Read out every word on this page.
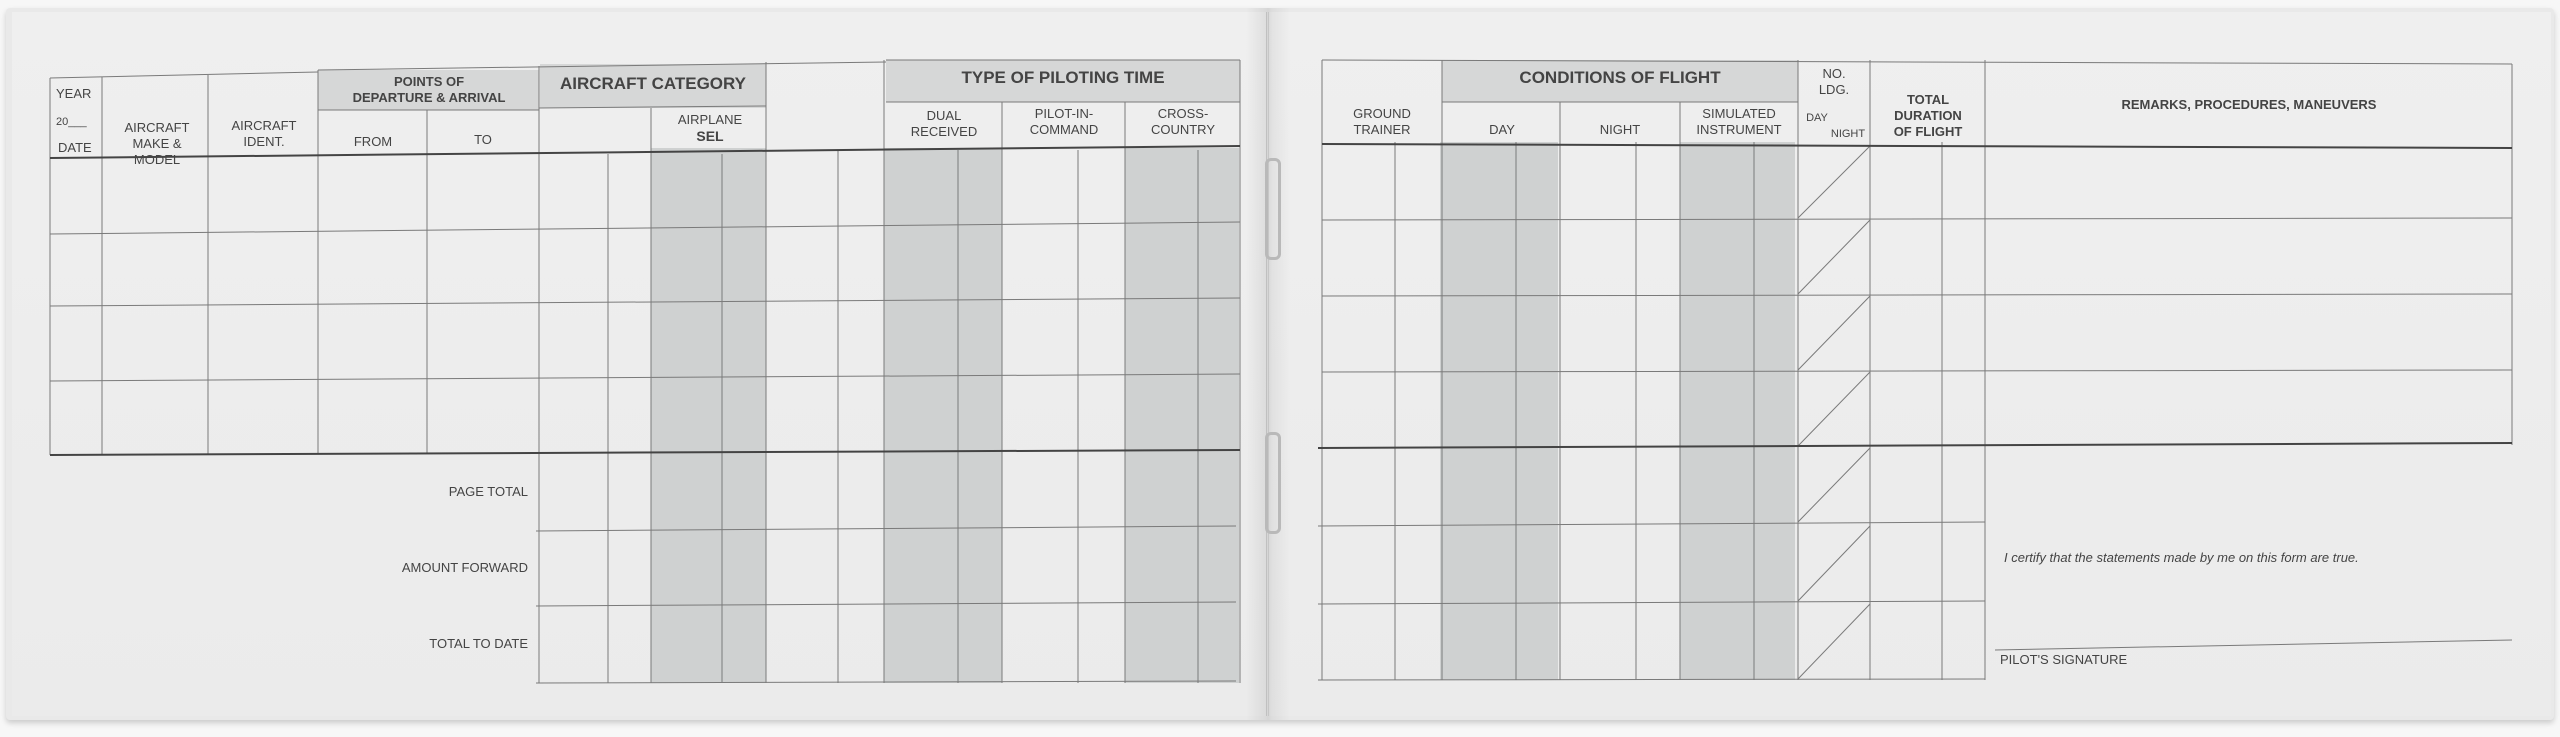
YEAR
20___
DATE
AIRCRAFT
MAKE & MODEL
AIRCRAFT
IDENT.
POINTS OF
DEPARTURE & ARRIVAL
FROM	TO
AIRCRAFT CATEGORY
AIRPLANE
SEL
TYPE OF PILOTING TIME
DUAL
RECEIVED
PILOT-IN-
COMMAND
CROSS-
COUNTRY
PAGE TOTAL
AMOUNT FORWARD
TOTAL TO DATE
GROUND
TRAINER
CONDITIONS OF FLIGHT
DAY	NIGHT
SIMULATED
INSTRUMENT
NO.
LDG.
DAY
NIGHT
TOTAL
DURATION
OF FLIGHT
REMARKS, PROCEDURES, MANEUVERS
I certify that the statements made by me on this form are true.
PILOT'S SIGNATURE
